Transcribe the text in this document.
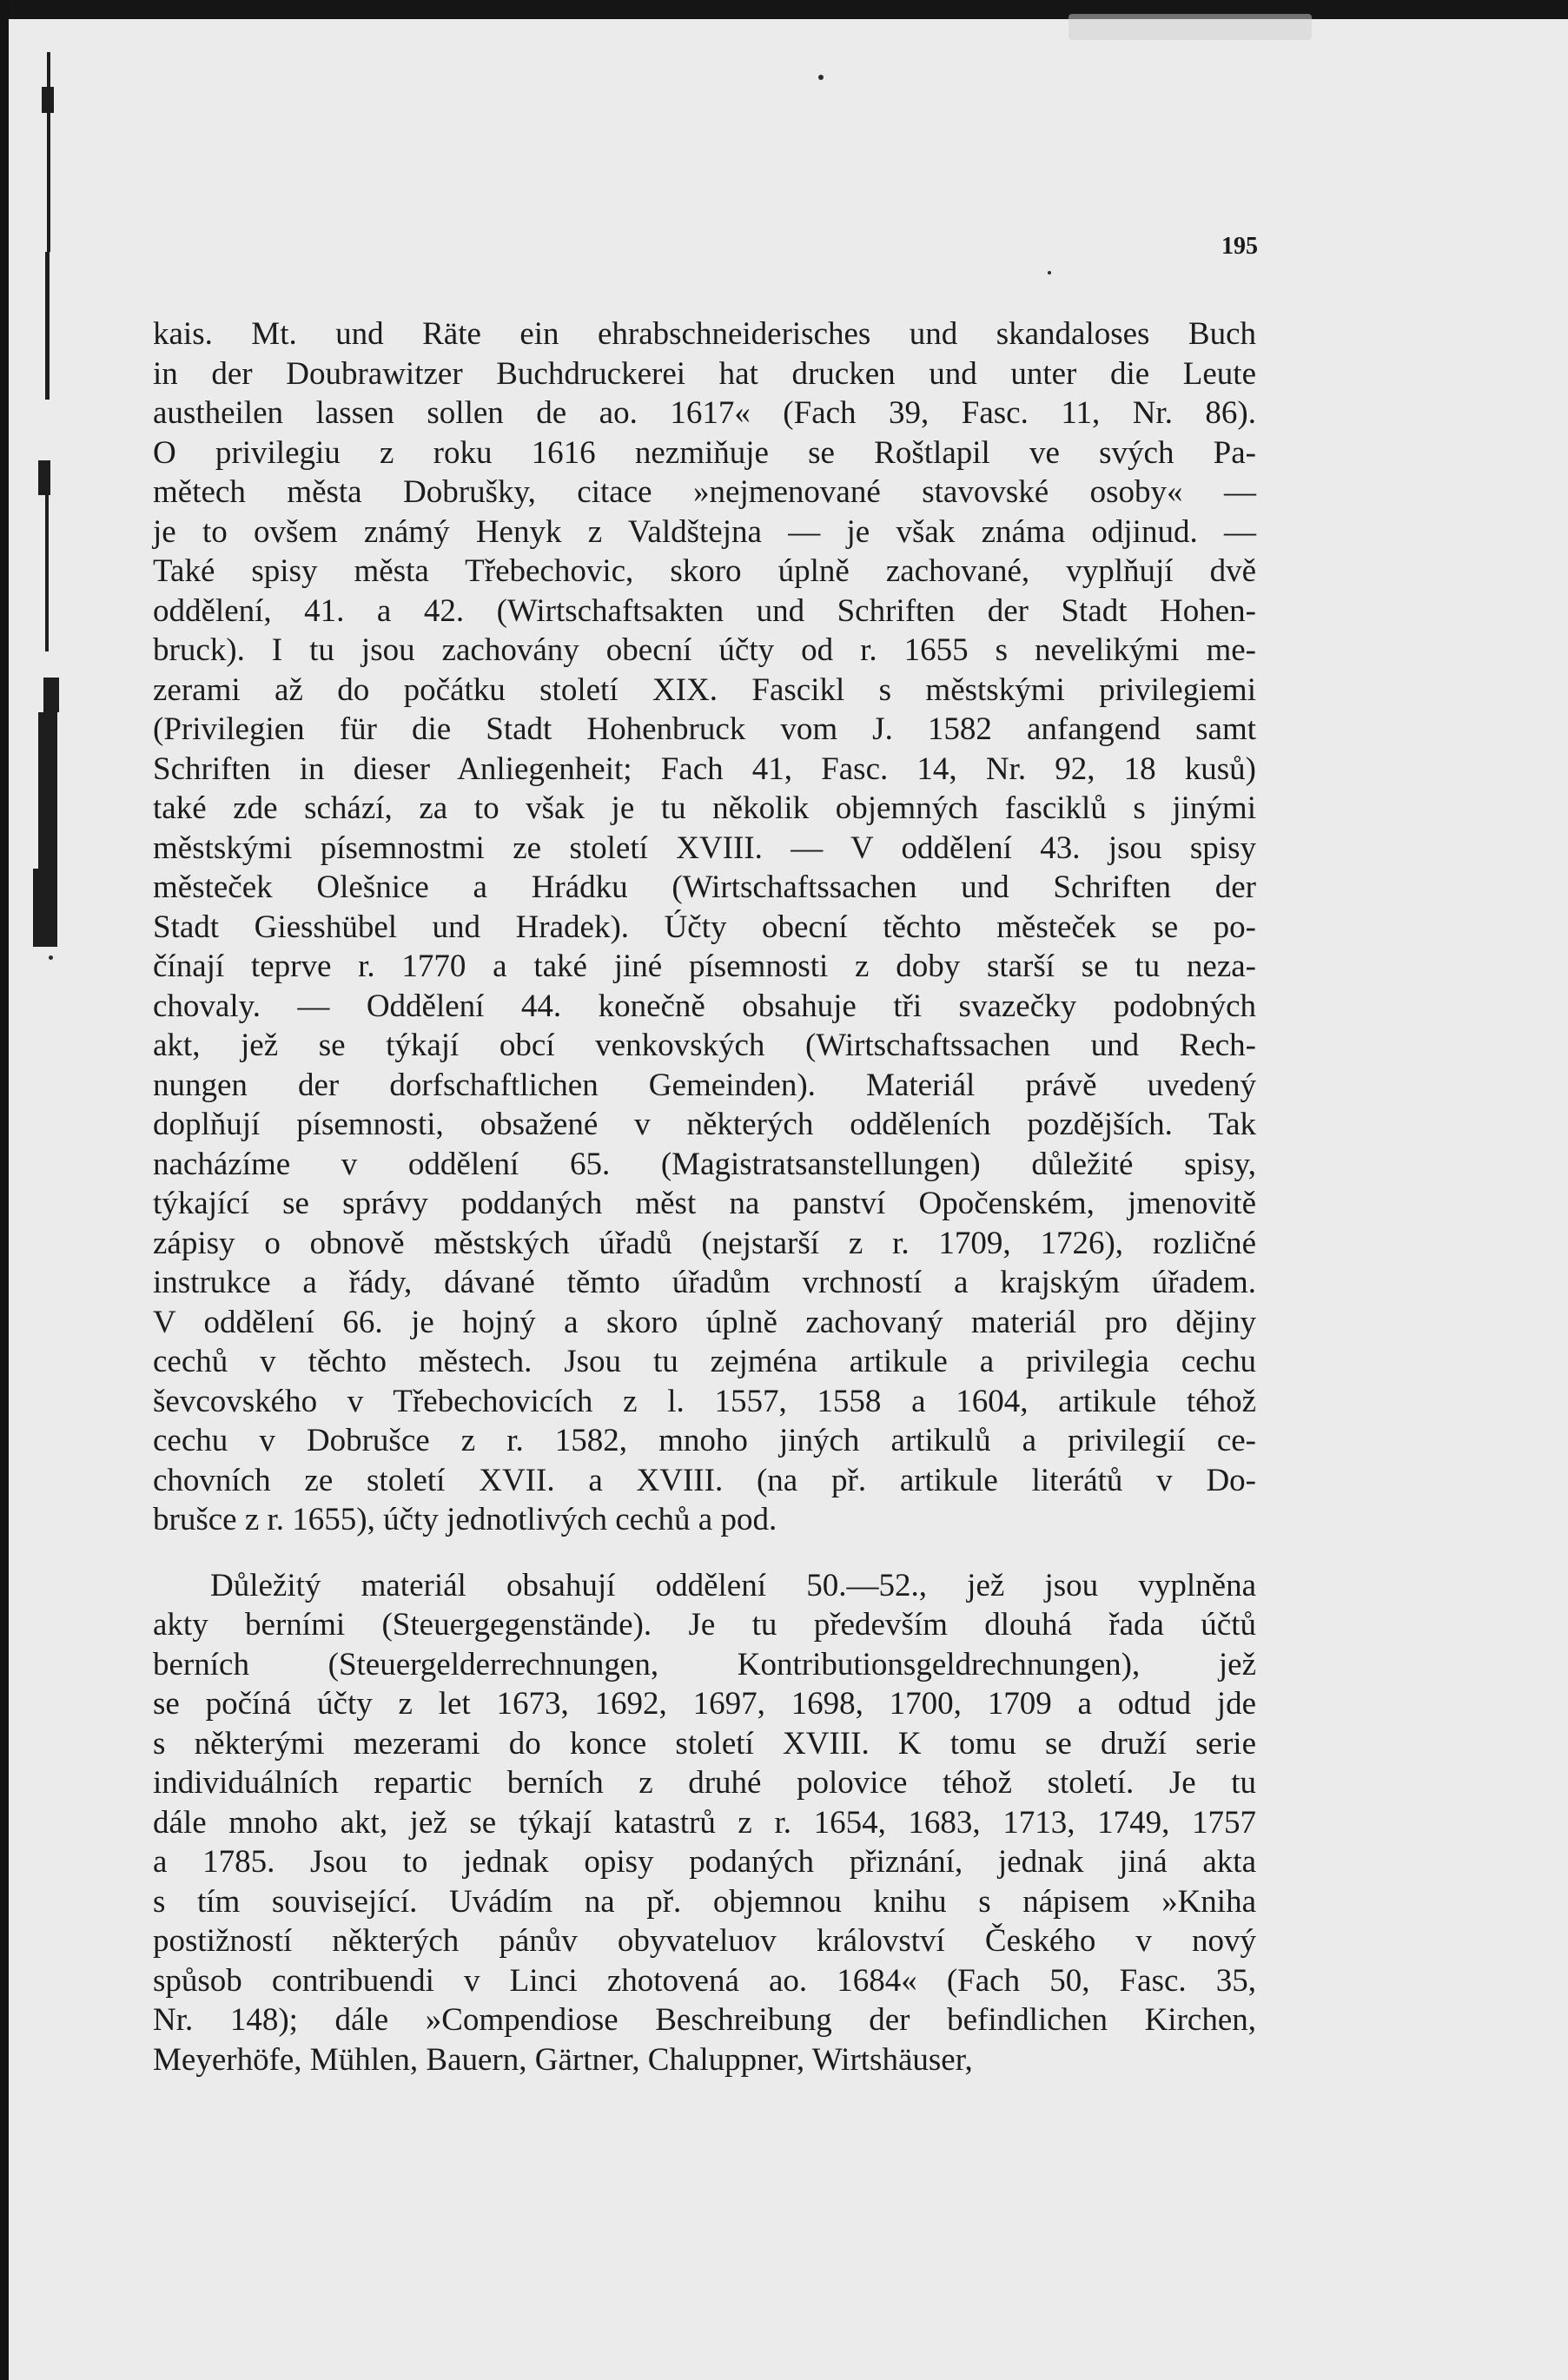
195
kais. Mt. und Räte ein ehrabschneiderisches und skandaloses Buch
in der Doubrawitzer Buchdruckerei hat drucken und unter die Leute
austheilen lassen sollen de ao. 1617« (Fach 39, Fasc. 11, Nr. 86).
O privilegiu z roku 1616 nezmiňuje se Roštlapil ve svých Pa-
mětech města Dobrušky, citace »nejmenované stavovské osoby« —
je to ovšem známý Henyk z Valdštejna — je však známa odjinud. —
Také spisy města Třebechovic, skoro úplně zachované, vyplňují dvě
oddělení, 41. a 42. (Wirtschaftsakten und Schriften der Stadt Hohen-
bruck). I tu jsou zachovány obecní účty od r. 1655 s nevelikými me-
zerami až do počátku století XIX. Fascikl s městskými privilegiemi
(Privilegien für die Stadt Hohenbruck vom J. 1582 anfangend samt
Schriften in dieser Anliegenheit; Fach 41, Fasc. 14, Nr. 92, 18 kusů)
také zde schází, za to však je tu několik objemných fasciklů s jinými
městskými písemnostmi ze století XVIII. — V oddělení 43. jsou spisy
městeček Olešnice a Hrádku (Wirtschaftssachen und Schriften der
Stadt Giesshübel und Hradek). Účty obecní těchto městeček se po-
čínají teprve r. 1770 a také jiné písemnosti z doby starší se tu neza-
chovaly. — Oddělení 44. konečně obsahuje tři svazečky podobných
akt, jež se týkají obcí venkovských (Wirtschaftssachen und Rech-
nungen der dorfschaftlichen Gemeinden). Materiál právě uvedený
doplňují písemnosti, obsažené v některých odděleních pozdějších. Tak
nacházíme v oddělení 65. (Magistratsanstellungen) důležité spisy,
týkající se správy poddaných měst na panství Opočenském, jmenovitě
zápisy o obnově městských úřadů (nejstarší z r. 1709, 1726), rozličné
instrukce a řády, dávané těmto úřadům vrchností a krajským úřadem.
V oddělení 66. je hojný a skoro úplně zachovaný materiál pro dějiny
cechů v těchto městech. Jsou tu zejména artikule a privilegia cechu
ševcovského v Třebechovicích z l. 1557, 1558 a 1604, artikule téhož
cechu v Dobrušce z r. 1582, mnoho jiných artikulů a privilegií ce-
chovních ze století XVII. a XVIII. (na př. artikule literátů v Do-
brušce z r. 1655), účty jednotlivých cechů a pod.
Důležitý materiál obsahují oddělení 50.—52., jež jsou vyplněna
akty berními (Steuergegenstände). Je tu především dlouhá řada účtů
berních (Steuergelderrechnungen, Kontributionsgeldrechnungen), jež
se počíná účty z let 1673, 1692, 1697, 1698, 1700, 1709 a odtud jde
s některými mezerami do konce století XVIII. K tomu se druží serie
individuálních repartic berních z druhé polovice téhož století. Je tu
dále mnoho akt, jež se týkají katastrů z r. 1654, 1683, 1713, 1749, 1757
a 1785. Jsou to jednak opisy podaných přiznání, jednak jiná akta
s tím související. Uvádím na př. objemnou knihu s nápisem »Kniha
postižností některých pánův obyvateluov království Českého v nový
spůsob contribuendi v Linci zhotovená ao. 1684« (Fach 50, Fasc. 35,
Nr. 148); dále »Compendiose Beschreibung der befindlichen Kirchen,
Meyerhöfe, Mühlen, Bauern, Gärtner, Chaluppner, Wirtshäuser,
